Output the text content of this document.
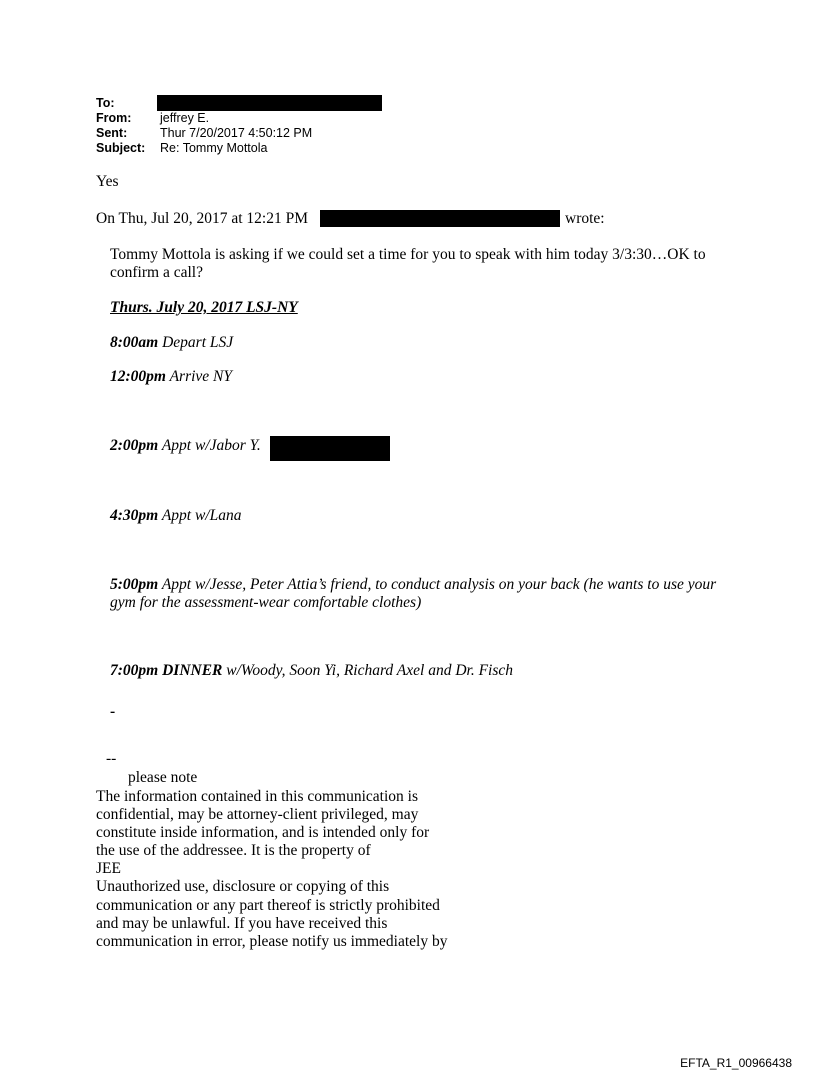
To:
From: jeffrey E.
Sent:	Thur 7/20/2017 4:50:12 PM
Subject: Re: Tommy Mottola
Yes
On Thu, Jul 20, 2017 at 12:21 PM	wrote:
Tommy Mottola is asking if we could set a time for you to speak with him today 3/3:30…OK to confirm a call?
Thurs. July 20, 2017 LSJ-NY
8:00am Depart LSJ
12:00pm Arrive NY
2:00pm Appt w/Jabor Y.
4:30pm Appt w/Lana
5:00pm Appt w/Jesse, Peter Attia’s friend, to conduct analysis on your back (he wants to use your gym for the assessment-wear comfortable clothes)
7:00pm DINNER w/Woody, Soon Yi, Richard Axel and Dr. Fisch
-
--
please note
The information contained in this communication is
confidential, may be attorney-client privileged, may
constitute inside information, and is intended only for
the use of the addressee. It is the property of
JEE
Unauthorized use, disclosure or copying of this
communication or any part thereof is strictly prohibited
and may be unlawful. If you have received this
communication in error, please notify us immediately by
EFTA_R1_00966438
